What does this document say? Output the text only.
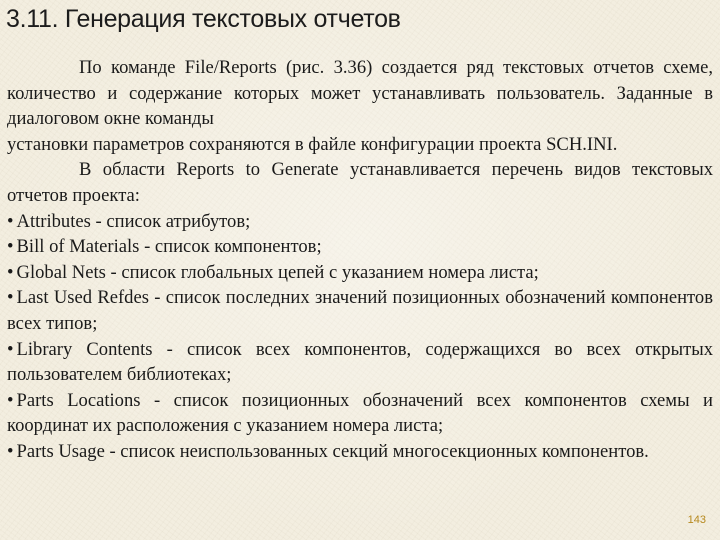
3.11. Генерация текстовых отчетов

По команде File/Reports (рис. 3.36) создается ряд текстовых отчетов схеме, количество и содержание которых может устанавливать пользователь. Заданные в диалоговом окне команды

установки параметров сохраняются в файле конфигурации проекта SCH.INI.

В области Reports to Generate устанавливается перечень видов текстовых отчетов проекта:

• Attributes - список атрибутов;

• Bill of Materials - список компонентов;

• Global Nets - список глобальных цепей с указанием номера листа;

• Last Used Refdes - список последних значений позиционных обозначений компонентов всех типов;

• Library Contents - список всех компонентов, содержащихся во всех открытых пользователем библиотеках;

• Parts Locations - список позиционных обозначений всех компонентов схемы и координат их расположения с указанием номера листа;

• Parts Usage - список неиспользованных секций многосекционных компонентов.

143
